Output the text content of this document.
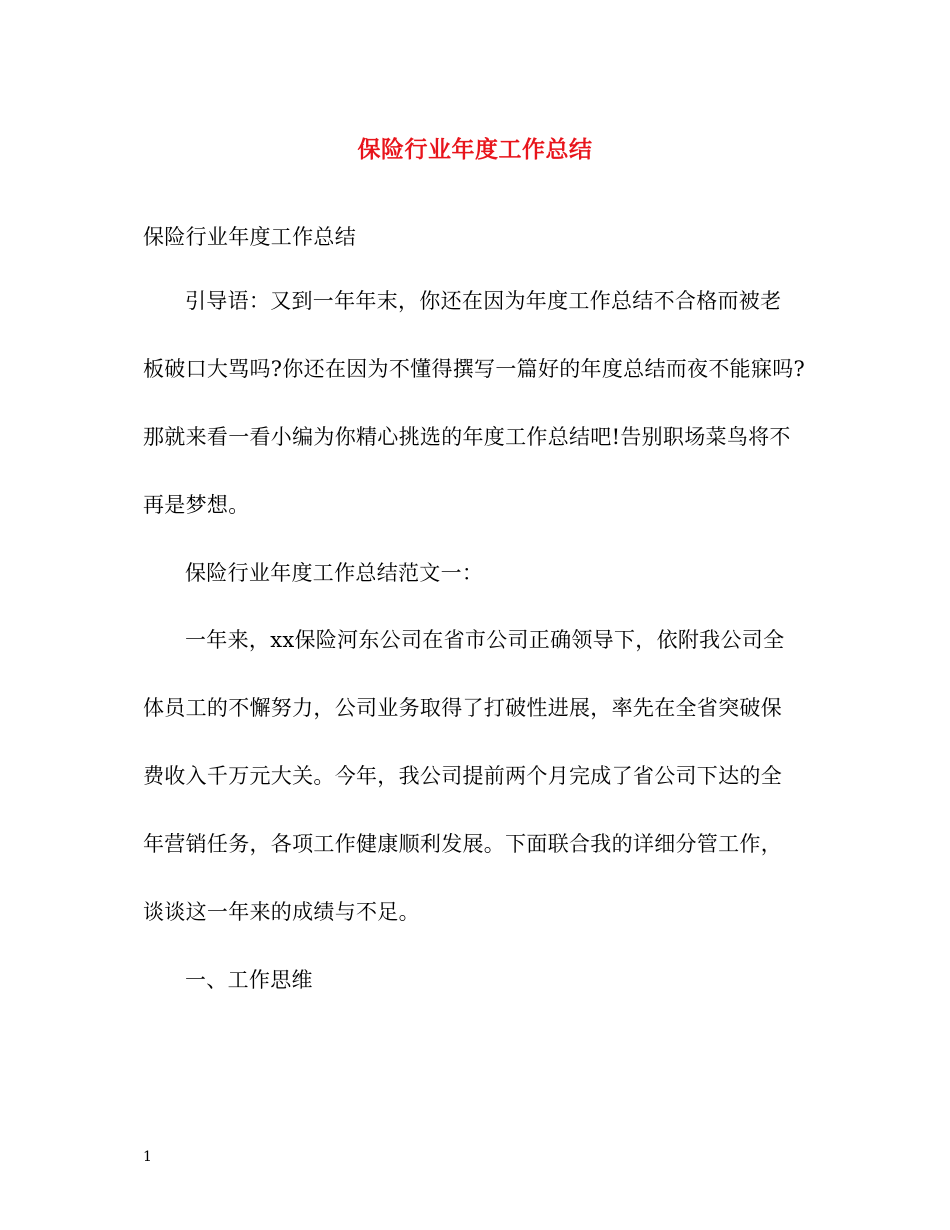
保险行业年度工作总结
保险行业年度工作总结
引导语：又到一年年末，你还在因为年度工作总结不合格而被老
板破口大骂吗?你还在因为不懂得撰写一篇好的年度总结而夜不能寐吗?
那就来看一看小编为你精心挑选的年度工作总结吧!告别职场菜鸟将不
再是梦想。
保险行业年度工作总结范文一：
一年来，xx保险河东公司在省市公司正确领导下，依附我公司全
体员工的不懈努力，公司业务取得了打破性进展，率先在全省突破保
费收入千万元大关。今年，我公司提前两个月完成了省公司下达的全
年营销任务，各项工作健康顺利发展。下面联合我的详细分管工作，
谈谈这一年来的成绩与不足。
一、工作思维
1
